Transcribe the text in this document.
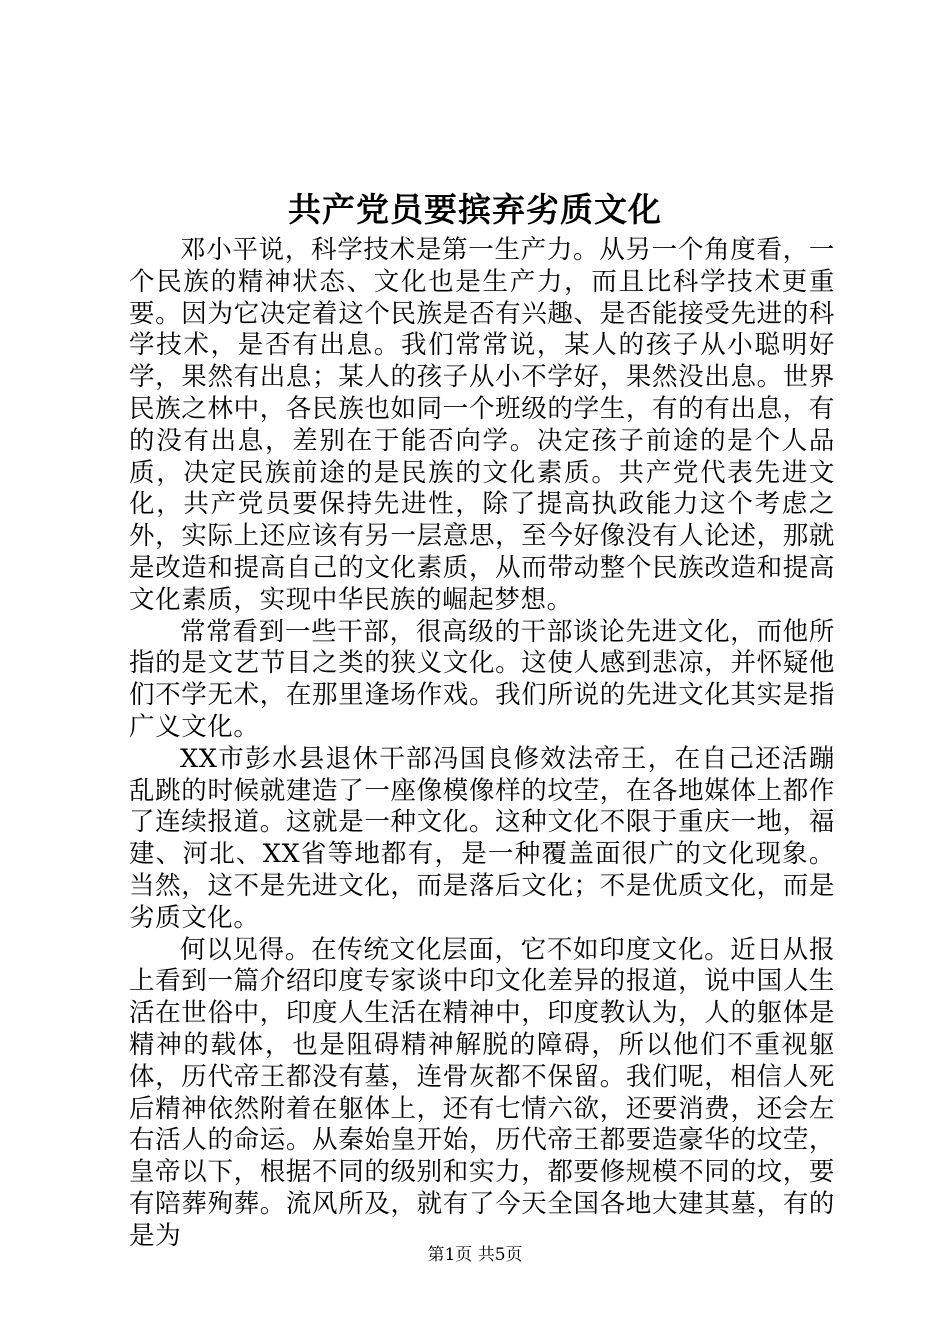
共产党员要摈弃劣质文化

邓小平说，科学技术是第一生产力。从另一个角度看，一个民族的精神状态、文化也是生产力，而且比科学技术更重要。因为它决定着这个民族是否有兴趣、是否能接受先进的科学技术，是否有出息。我们常常说，某人的孩子从小聪明好学，果然有出息；某人的孩子从小不学好，果然没出息。世界民族之林中，各民族也如同一个班级的学生，有的有出息，有的没有出息，差别在于能否向学。决定孩子前途的是个人品质，决定民族前途的是民族的文化素质。共产党代表先进文化，共产党员要保持先进性，除了提高执政能力这个考虑之外，实际上还应该有另一层意思，至今好像没有人论述，那就是改造和提高自己的文化素质，从而带动整个民族改造和提高文化素质，实现中华民族的崛起梦想。

常常看到一些干部，很高级的干部谈论先进文化，而他所指的是文艺节目之类的狭义文化。这使人感到悲凉，并怀疑他们不学无术，在那里逢场作戏。我们所说的先进文化其实是指广义文化。

XX市彭水县退休干部冯国良修效法帝王，在自己还活蹦乱跳的时候就建造了一座像模像样的坟茔，在各地媒体上都作了连续报道。这就是一种文化。这种文化不限于重庆一地，福建、河北、XX省等地都有，是一种覆盖面很广的文化现象。当然，这不是先进文化，而是落后文化；不是优质文化，而是劣质文化。

何以见得。在传统文化层面，它不如印度文化。近日从报上看到一篇介绍印度专家谈中印文化差异的报道，说中国人生活在世俗中，印度人生活在精神中，印度教认为，人的躯体是精神的载体，也是阻碍精神解脱的障碍，所以他们不重视躯体，历代帝王都没有墓，连骨灰都不保留。我们呢，相信人死后精神依然附着在躯体上，还有七情六欲，还要消费，还会左右活人的命运。从秦始皇开始，历代帝王都要造豪华的坟茔，皇帝以下，根据不同的级别和实力，都要修规模不同的坟，要有陪葬殉葬。流风所及，就有了今天全国各地大建其墓，有的是为

第1页 共5页
